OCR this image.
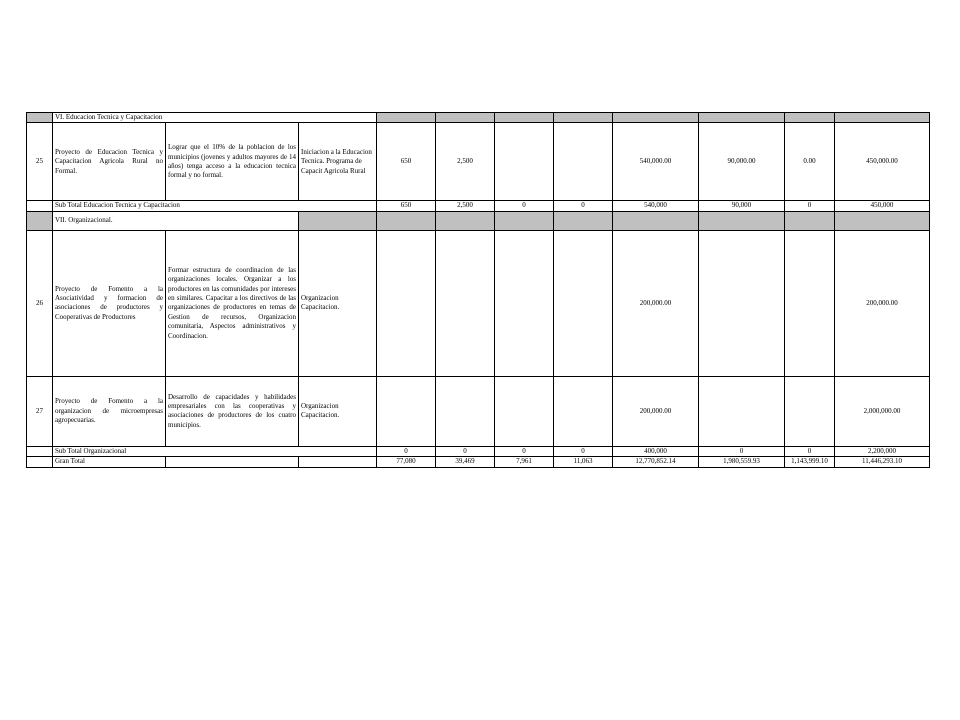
	VI. Educacion Tecnica y Capacitacion										
25	Proyecto de Educacion Tecnica y Capacitacion Agricola Rural no Formal.	Lograr que el 10% de la poblacion de los municipios (jovenes y adultos mayores de 14 años) tenga acceso a la educacion tecnica formal y no formal.	Iniciacion a la Educacion Tecnica. Programa de Capacit Agricola Rural	650	2,500			540,000.00	90,000.00	0.00	450,000.00
	Sub Total Educacion Tecnica y Capacitacion			650	2,500	0	0	540,000	90,000	0	450,000
	VII. Organizacional.										
26	Proyecto de Fomento a la Asociatividad y formacion de asociaciones de productores y Cooperativas de Productores	Formar estructura de coordinacion de las organizaciones locales. Organizar a los productores en las comunidades por intereses en similares. Capacitar a los directivos de las organizaciones de productores en temas de Gestion de recursos, Organizacion comunitaria, Aspectos administrativos y Coordinacion.	Organizacion Capacitacion.					200,000.00			200,000.00
27	Proyecto de Fomento a la organizacion de microempresas agropecuarias.	Desarrollo de capacidades y habilidades empresariales con las cooperativas y asociaciones de productores de los cuatro municipios.	Organizacion Capacitacion.					200,000.00			2,000,000.00
	Sub Total Organizacional			0	0	0	0	400,000	0	0	2,200,000
	Gran Total			77,080	39,469	7,961	11,063	12,770,852.14	1,980,559.93	1,143,999.10	11,446,293.10
